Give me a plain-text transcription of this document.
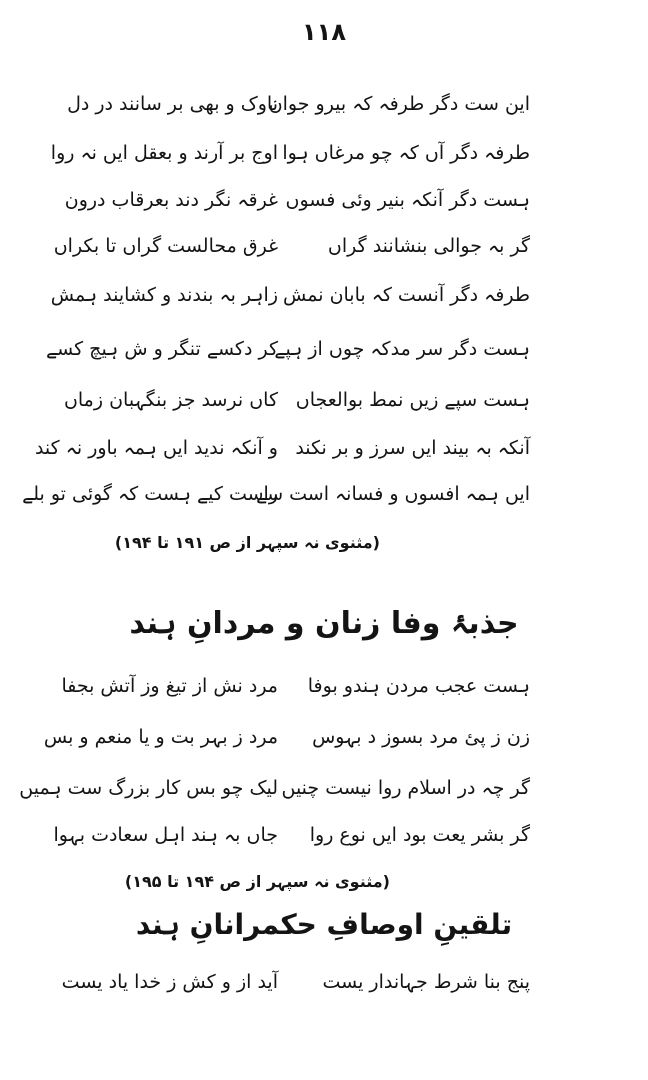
١١٨
این ست دگر طرفہ کہ بیرو جوان
ناوک و بھی بر سانند در دل
طرفہ دگر آں کہ چو مرغاں ہوا
اوج بر آرند و بعقل ایں نہ روا
ہست دگر آنکہ بنیر وئی فسوں
غرقہ نگر دند بعرقاب درون
گر بہ جوالی بنشانند گراں
غرق محالست گراں تا بکراں
طرفہ دگر آنست کہ بابان نمش
زاہر بہ بندند و کشایند ہمش
ہست دگر سر مدکہ چوں از ہپے
کر دکسے تنگر و ش ہیچ کسے
ہست سپے زیں نمط بوالعجاں
کاں نرسد جز بنگہبان زماں
آنکہ بہ بیند ایں سرز و بر نکند
و آنکہ ندید ایں ہمہ باور نہ کند
ایں ہمہ افسوں و فسانہ است سے
راست کیے ہست کہ گوئی تو بلے
(مثنوی نہ سپہر از ص ۱۹۱ تا ۱۹۴)
جذبۂ وفا زنان و مردانِ ہند
ہست عجب مردن ہندو بوفا
مرد نش از تیغ وز آتش بجفا
زن ز پئ مرد بسوز د بہوس
مرد ز بہر بت و یا منعم و بس
گر چہ در اسلام روا نیست چنیں
لیک چو بس کار بزرگ ست ہمیں
گر بشر یعت بود ایں نوع روا
جاں بہ ہند اہل سعادت بہوا
(مثنوی نہ سپہر از ص ۱۹۴ تا ۱۹۵)
تلقینِ اوصافِ حکمرانانِ ہند
پنج بنا شرط جہاندار یست
آید از و کش ز خدا یاد یست
